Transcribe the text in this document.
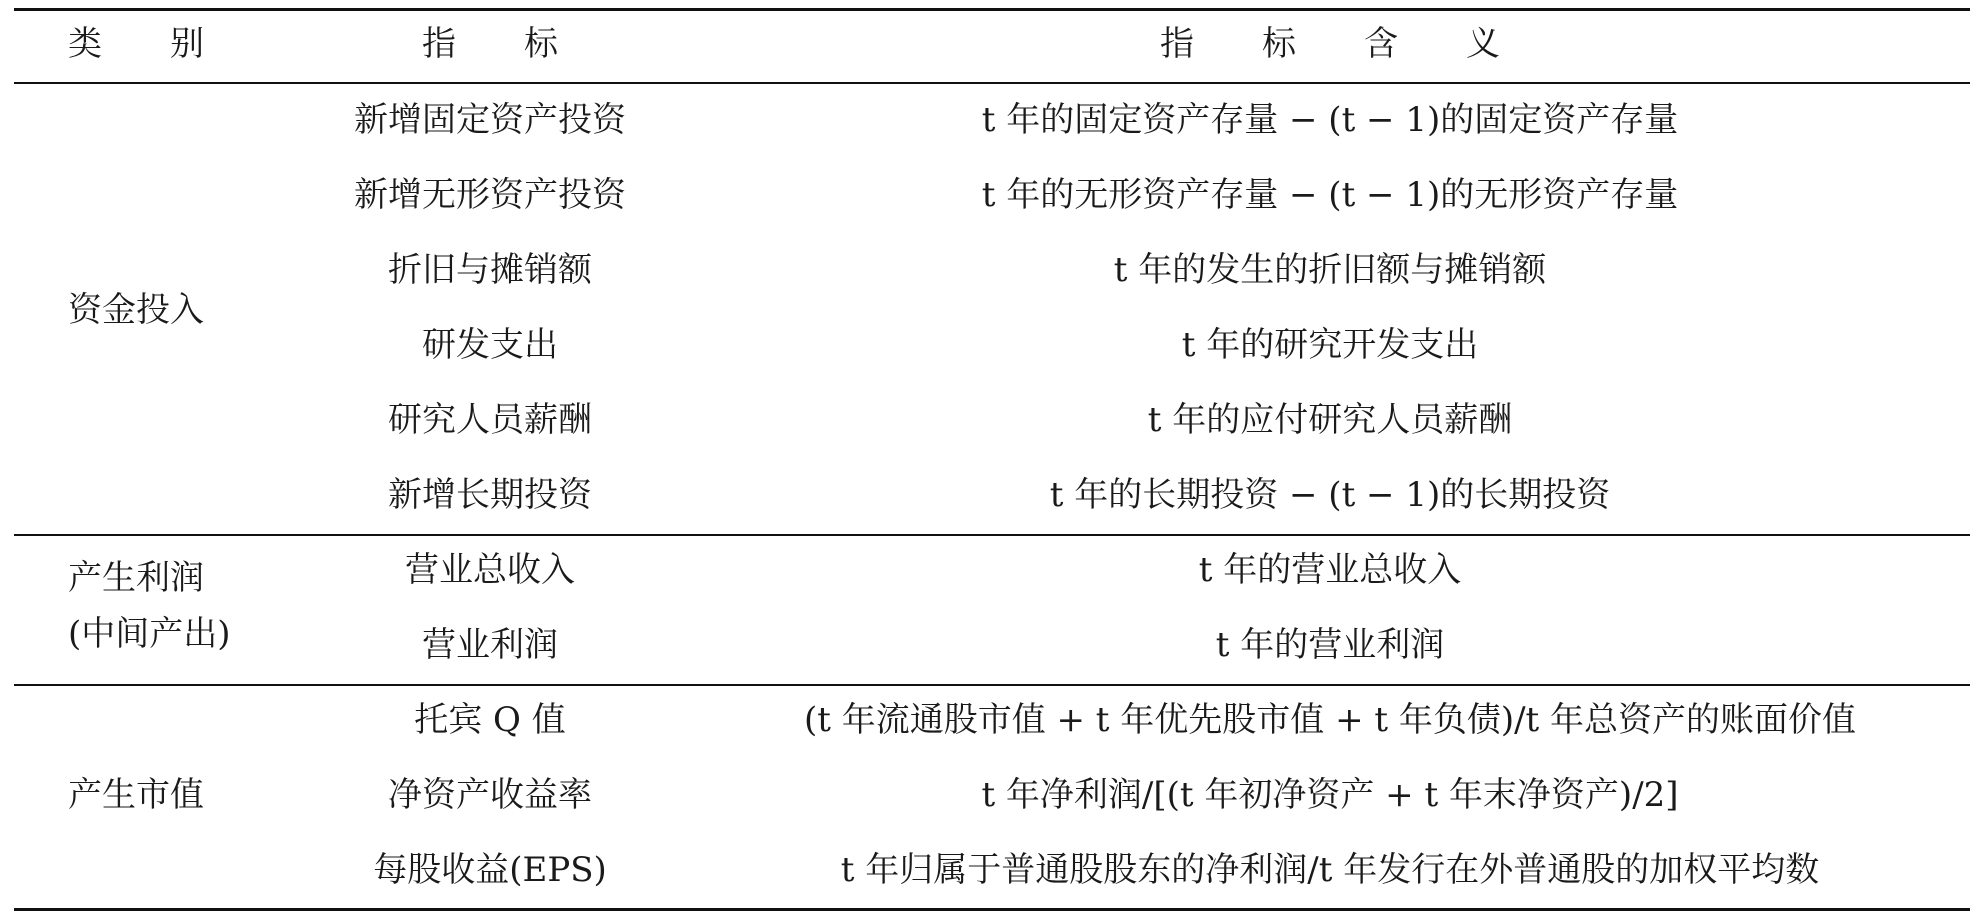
类　　别	指　　标	指　　标　　含　　义
资金投入
新增固定资产投资	t 年的固定资产存量 − (t − 1)的固定资产存量
新增无形资产投资	t 年的无形资产存量 − (t − 1)的无形资产存量
折旧与摊销额	t 年的发生的折旧额与摊销额
研发支出	t 年的研究开发支出
研究人员薪酬	t 年的应付研究人员薪酬
新增长期投资	t 年的长期投资 − (t − 1)的长期投资
产生利润
(中间产出)
营业总收入	t 年的营业总收入
营业利润	t 年的营业利润
产生市值
托宾 Q 值	(t 年流通股市值 + t 年优先股市值 + t 年负债)/t 年总资产的账面价值
净资产收益率	t 年净利润/[(t 年初净资产 + t 年末净资产)/2]
每股收益(EPS)	t 年归属于普通股股东的净利润/t 年发行在外普通股的加权平均数
